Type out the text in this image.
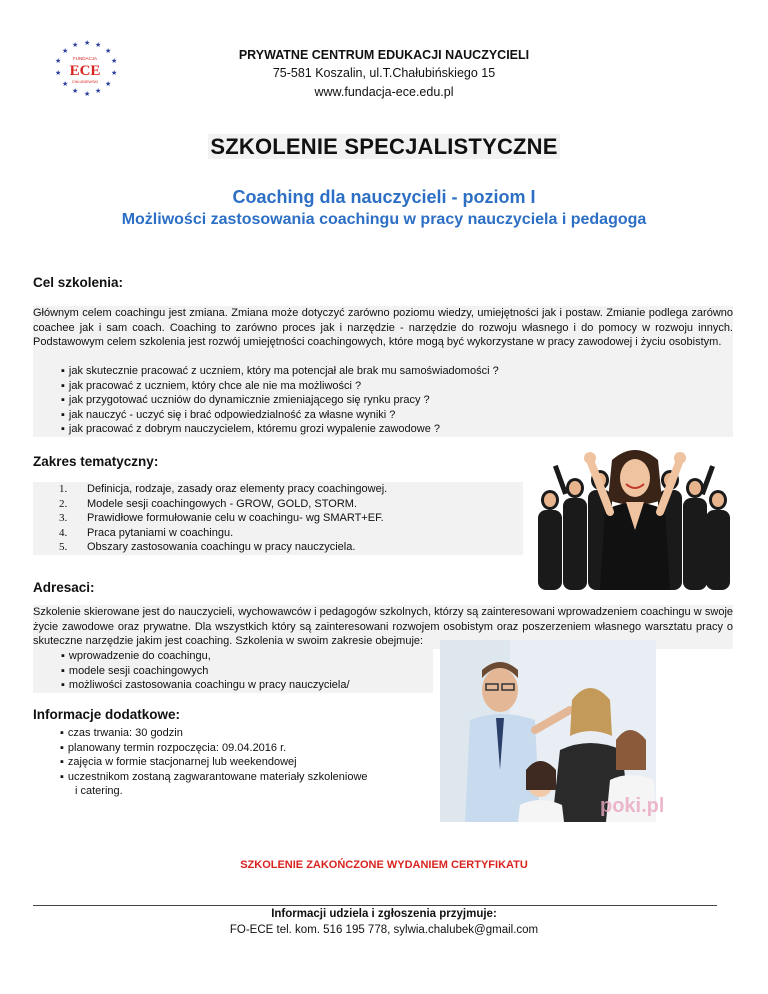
★ ★
★
★
★
★
★
★
★
★
★
★
★
★
FUNDACJA
ECE
CHŁUBIEWSKI
PRYWATNE CENTRUM EDUKACJI NAUCZYCIELI
75-581 Koszalin, ul.T.Chałubińskiego 15
www.fundacja-ece.edu.pl
SZKOLENIE SPECJALISTYCZNE
Coaching dla nauczycieli - poziom I
Możliwości zastosowania coachingu w pracy nauczyciela i pedagoga
Cel szkolenia:
Głównym celem coachingu jest zmiana. Zmiana może dotyczyć zarówno poziomu wiedzy, umiejętności jak i postaw. Zmianie podlega zarówno coachee jak i sam coach. Coaching to zarówno proces jak i narzędzie - narzędzie do rozwoju własnego i do pomocy w rozwoju innych. Podstawowym celem szkolenia jest rozwój umiejętności coachingowych, które mogą być wykorzystane w pracy zawodowej i życiu osobistym.
▪ jak skutecznie pracować z uczniem, który ma potencjał ale brak mu samoświadomości ?
▪ jak pracować z uczniem, który chce ale nie ma możliwości ?
▪ jak przygotować uczniów do dynamicznie zmieniającego się rynku pracy ?
▪ jak nauczyć - uczyć się i brać odpowiedzialność za własne wyniki ?
▪ jak pracować z dobrym nauczycielem, któremu grozi wypalenie zawodowe ?
Zakres tematyczny:
1.	Definicja, rodzaje, zasady oraz elementy pracy coachingowej.
2.	Modele sesji coachingowych - GROW, GOLD, STORM.
3.	Prawidłowe formułowanie celu w coachingu- wg SMART+EF.
4.	Praca pytaniami w coachingu.
5.	Obszary zastosowania coachingu w pracy nauczyciela.
Adresaci:
Szkolenie skierowane jest do nauczycieli, wychowawców i pedagogów szkolnych, którzy są zainteresowani wprowadzeniem coachingu w swoje życie zawodowe oraz prywatne. Dla wszystkich który są zainteresowani rozwojem osobistym oraz poszerzeniem własnego warsztatu pracy o skuteczne narzędzie jakim jest coaching. Szkolenia w swoim zakresie obejmuje:
▪ wprowadzenie do coachingu,
▪ modele sesji coachingowych
▪ możliwości zastosowania coachingu w pracy nauczyciela/
poki.pl
Informacje dodatkowe:
▪ czas trwania: 30 godzin
▪ planowany termin rozpoczęcia: 09.04.2016 r.
▪ zajęcia w formie stacjonarnej lub weekendowej
▪ uczestnikom zostaną zagwarantowane materiały szkoleniowe
i catering.
SZKOLENIE ZAKOŃCZONE WYDANIEM CERTYFIKATU
Informacji udziela i zgłoszenia przyjmuje:
FO-ECE tel. kom. 516 195 778, sylwia.chalubek@gmail.com
